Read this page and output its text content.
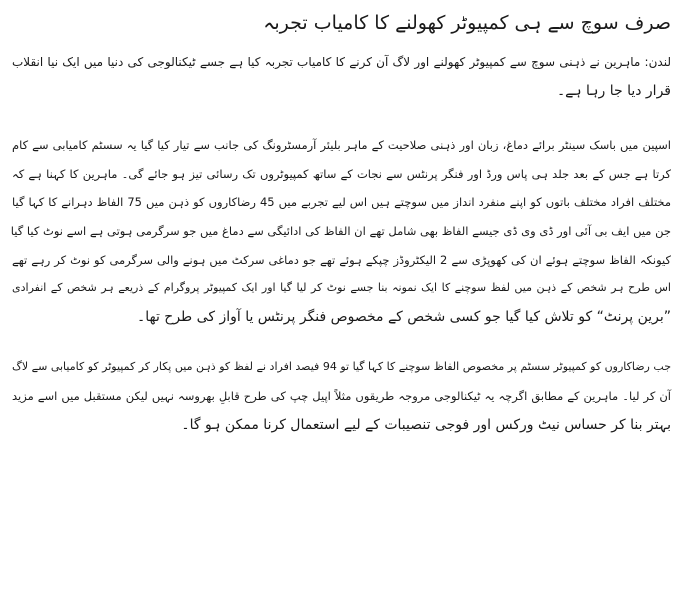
صرف سوچ سے ہی کمپیوٹر کھولنے کا کامیاب تجربہ
لندن: ماہرین نے ذہنی سوچ سے کمپیوٹر کھولنے اور لاگ آن کرنے کا کامیاب تجربہ کیا ہے جسے ٹیکنالوجی کی دنیا میں ایک نیا انقلاب
قرار دیا جا رہا ہے۔
اسپین میں باسک سینٹر برائے دماغ، زبان اور ذہنی صلاحیت کے ماہر بلیئر آرمسٹرونگ کی جانب سے تیار کیا گیا یہ سسٹم کامیابی سے کام
کرتا ہے جس کے بعد جلد ہی پاس ورڈ اور فنگر پرنٹس سے نجات کے ساتھ کمپیوٹروں تک رسائی تیز ہو جائے گی۔ ماہرین کا کہنا ہے کہ
مختلف افراد مختلف باتوں کو اپنے منفرد انداز میں سوچتے ہیں اس لیے تجربے میں 45 رضاکاروں کو ذہن میں 75 الفاظ دہرانے کا کہا گیا
جن میں ایف بی آئی اور ڈی وی ڈی جیسے الفاظ بھی شامل تھے ان الفاظ کی ادائیگی سے دماغ میں جو سرگرمی ہوتی ہے اسے نوٹ کیا گیا
کیونکہ الفاظ سوچتے ہوئے ان کی کھوپڑی سے 2 الیکٹروڈز چپکے ہوئے تھے جو دماغی سرکٹ میں ہونے والی سرگرمی کو نوٹ کر رہے تھے
اس طرح ہر شخص کے ذہن میں لفظ سوچنے کا ایک نمونہ بنا جسے نوٹ کر لیا گیا اور ایک کمپیوٹر پروگرام کے ذریعے ہر شخص کے انفرادی
”برین پرنٹ“ کو تلاش کیا گیا جو کسی شخص کے مخصوص فنگر پرنٹس یا آواز کی طرح تھا۔
جب رضاکاروں کو کمپیوٹر سسٹم پر مخصوص الفاظ سوچنے کا کہا گیا تو 94 فیصد افراد نے لفظ کو ذہن میں پکار کر کمپیوٹر کو کامیابی سے لاگ
آن کر لیا۔ ماہرین کے مطابق اگرچہ یہ ٹیکنالوجی مروجہ طریقوں مثلاً اپیل چپ کی طرح قابلِ بھروسہ نہیں لیکن مستقبل میں اسے مزید
بہتر بنا کر حساس نیٹ ورکس اور فوجی تنصیبات کے لیے استعمال کرنا ممکن ہو گا۔
